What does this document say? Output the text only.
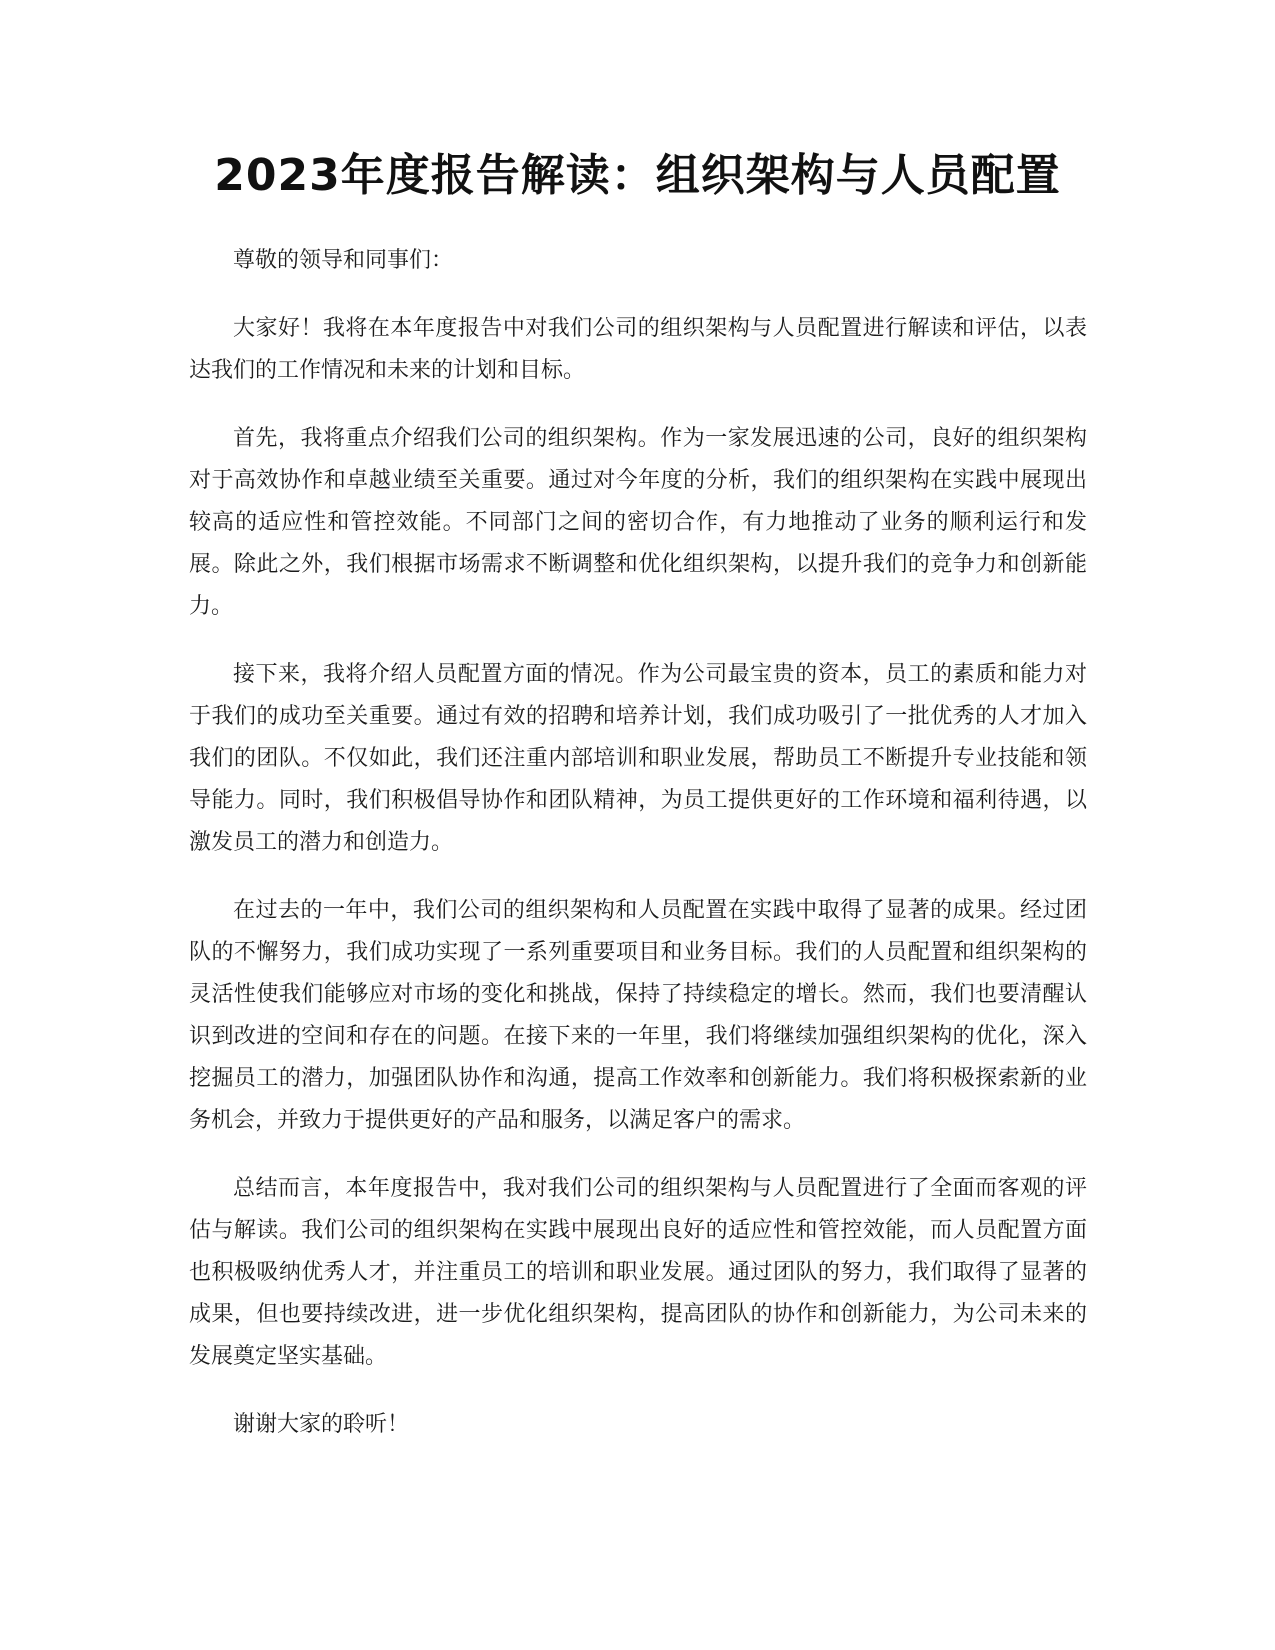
2023年度报告解读：组织架构与人员配置

尊敬的领导和同事们：

大家好！我将在本年度报告中对我们公司的组织架构与人员配置进行解读和评估，以表达我们的工作情况和未来的计划和目标。

首先，我将重点介绍我们公司的组织架构。作为一家发展迅速的公司，良好的组织架构对于高效协作和卓越业绩至关重要。通过对今年度的分析，我们的组织架构在实践中展现出较高的适应性和管控效能。不同部门之间的密切合作，有力地推动了业务的顺利运行和发展。除此之外，我们根据市场需求不断调整和优化组织架构，以提升我们的竞争力和创新能力。

接下来，我将介绍人员配置方面的情况。作为公司最宝贵的资本，员工的素质和能力对于我们的成功至关重要。通过有效的招聘和培养计划，我们成功吸引了一批优秀的人才加入我们的团队。不仅如此，我们还注重内部培训和职业发展，帮助员工不断提升专业技能和领导能力。同时，我们积极倡导协作和团队精神，为员工提供更好的工作环境和福利待遇，以激发员工的潜力和创造力。

在过去的一年中，我们公司的组织架构和人员配置在实践中取得了显著的成果。经过团队的不懈努力，我们成功实现了一系列重要项目和业务目标。我们的人员配置和组织架构的灵活性使我们能够应对市场的变化和挑战，保持了持续稳定的增长。然而，我们也要清醒认识到改进的空间和存在的问题。在接下来的一年里，我们将继续加强组织架构的优化，深入挖掘员工的潜力，加强团队协作和沟通，提高工作效率和创新能力。我们将积极探索新的业务机会，并致力于提供更好的产品和服务，以满足客户的需求。

总结而言，本年度报告中，我对我们公司的组织架构与人员配置进行了全面而客观的评估与解读。我们公司的组织架构在实践中展现出良好的适应性和管控效能，而人员配置方面也积极吸纳优秀人才，并注重员工的培训和职业发展。通过团队的努力，我们取得了显著的成果，但也要持续改进，进一步优化组织架构，提高团队的协作和创新能力，为公司未来的发展奠定坚实基础。

谢谢大家的聆听！
